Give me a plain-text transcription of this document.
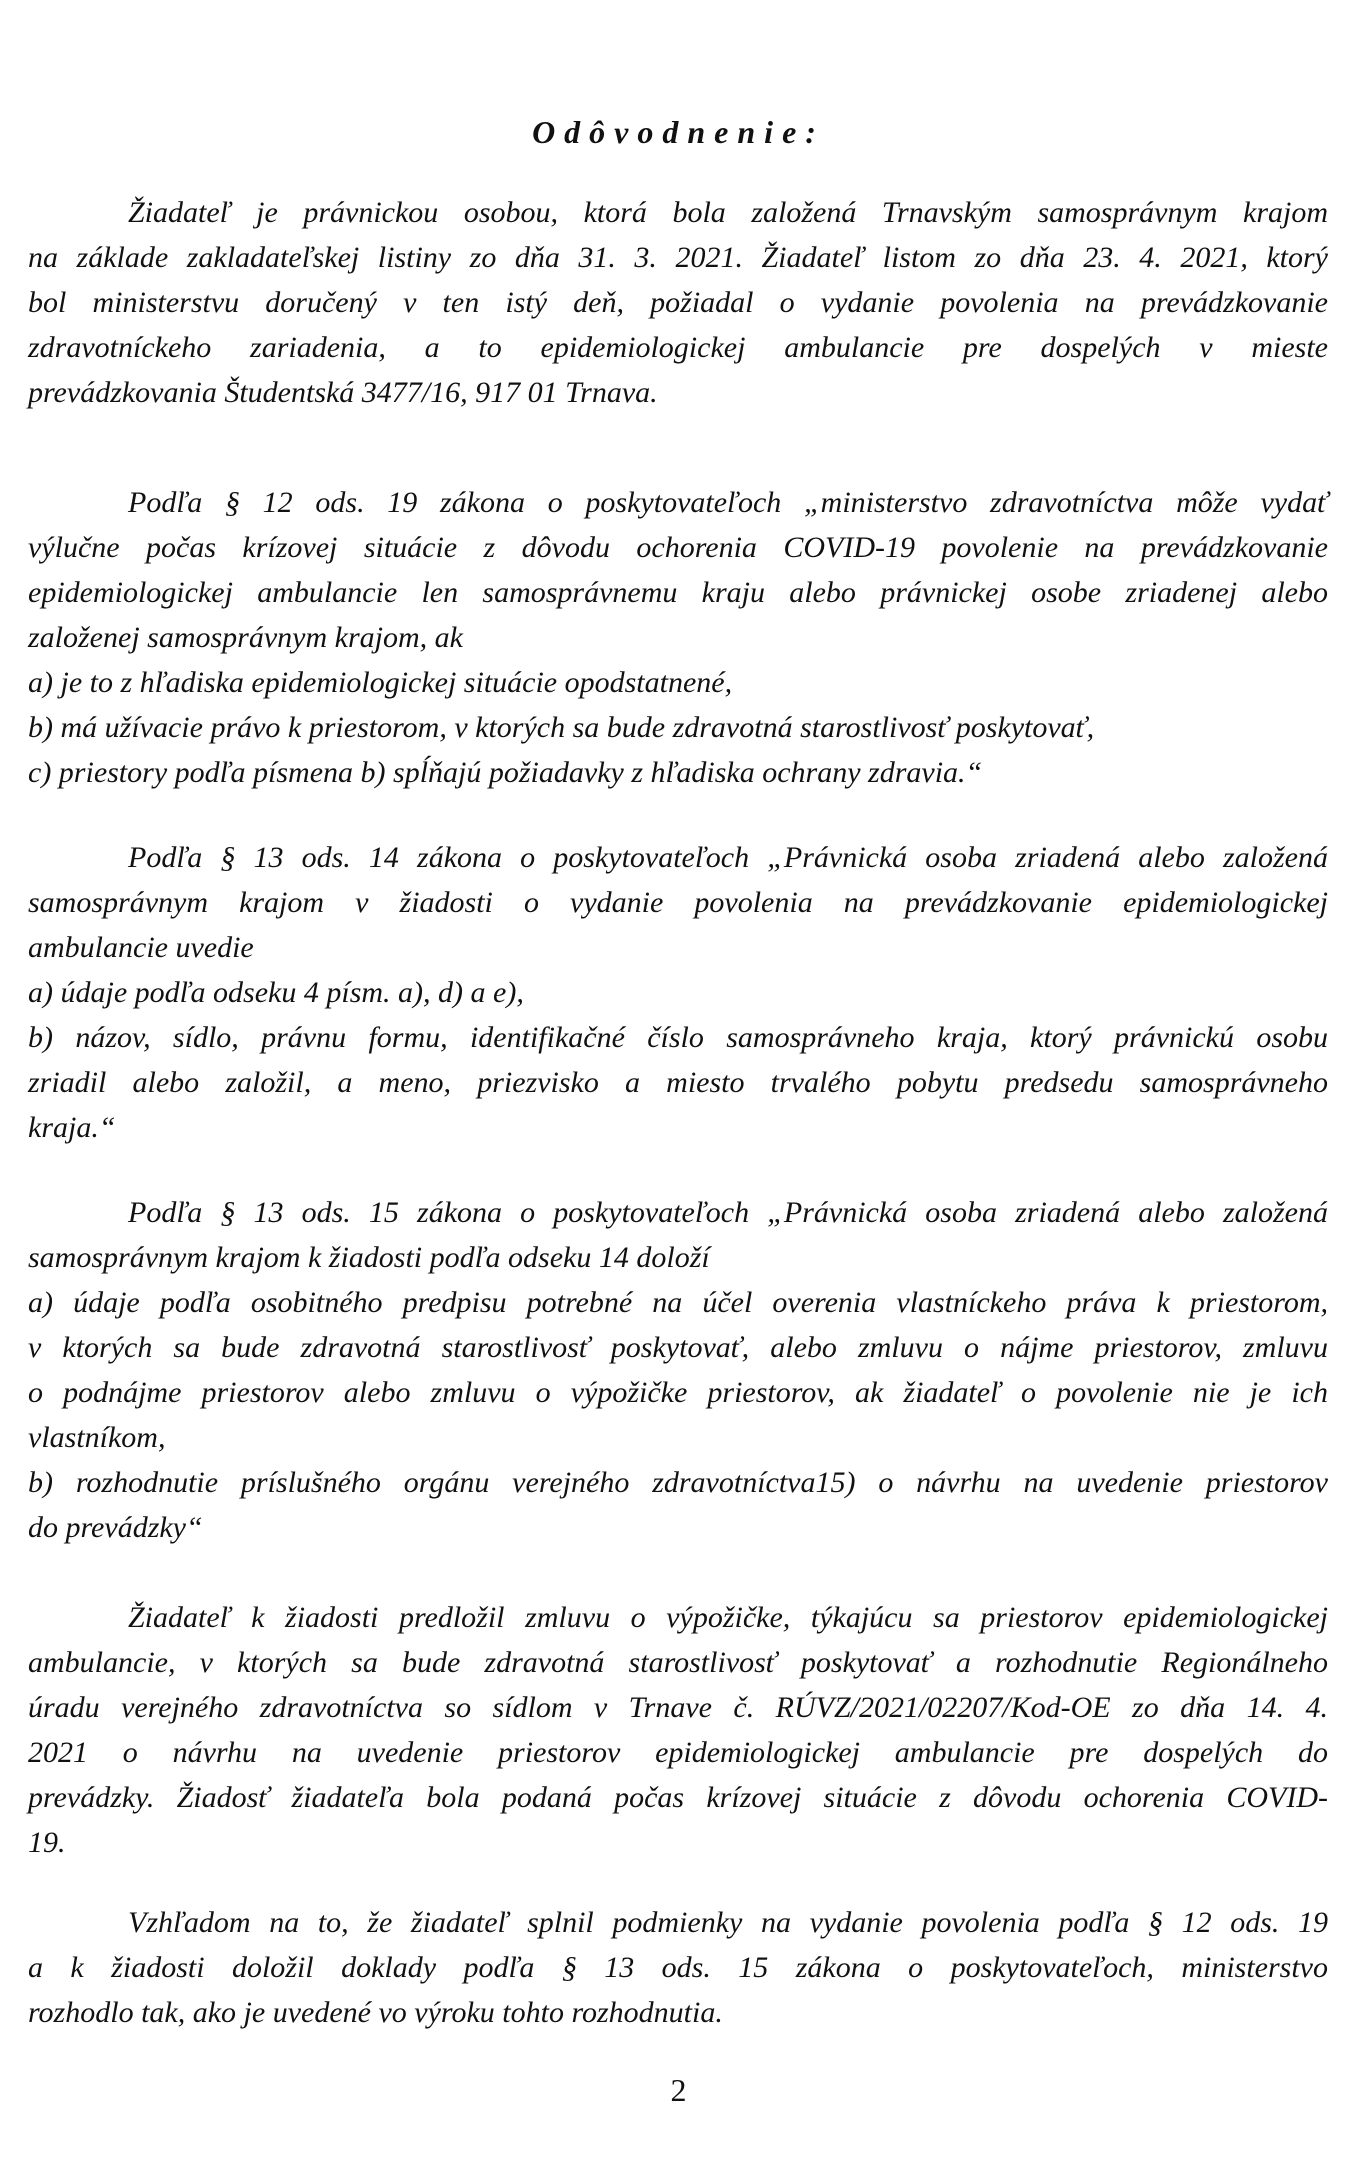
Odôvodnenie:
Žiadateľ je právnickou osobou, ktorá bola založená Trnavským samosprávnym krajom
na základe zakladateľskej listiny zo dňa 31. 3. 2021. Žiadateľ listom zo dňa 23. 4. 2021, ktorý
bol ministerstvu doručený v ten istý deň, požiadal o vydanie povolenia na prevádzkovanie
zdravotníckeho zariadenia, a to epidemiologickej ambulancie pre dospelých v mieste
prevádzkovania Študentská 3477/16, 917 01 Trnava.
Podľa § 12 ods. 19 zákona o poskytovateľoch „ministerstvo zdravotníctva môže vydať
výlučne počas krízovej situácie z dôvodu ochorenia COVID-19 povolenie na prevádzkovanie
epidemiologickej ambulancie len samosprávnemu kraju alebo právnickej osobe zriadenej alebo
založenej samosprávnym krajom, ak
a) je to z hľadiska epidemiologickej situácie opodstatnené,
b) má užívacie právo k priestorom, v ktorých sa bude zdravotná starostlivosť poskytovať,
c) priestory podľa písmena b) spĺňajú požiadavky z hľadiska ochrany zdravia.“
Podľa § 13 ods. 14 zákona o poskytovateľoch „Právnická osoba zriadená alebo založená
samosprávnym krajom v žiadosti o vydanie povolenia na prevádzkovanie epidemiologickej
ambulancie uvedie
a) údaje podľa odseku 4 písm. a), d) a e),
b) názov, sídlo, právnu formu, identifikačné číslo samosprávneho kraja, ktorý právnickú osobu
zriadil alebo založil, a meno, priezvisko a miesto trvalého pobytu predsedu samosprávneho
kraja.“
Podľa § 13 ods. 15 zákona o poskytovateľoch „Právnická osoba zriadená alebo založená
samosprávnym krajom k žiadosti podľa odseku 14 doloží
a) údaje podľa osobitného predpisu potrebné na účel overenia vlastníckeho práva k priestorom,
v ktorých sa bude zdravotná starostlivosť poskytovať, alebo zmluvu o nájme priestorov, zmluvu
o podnájme priestorov alebo zmluvu o výpožičke priestorov, ak žiadateľ o povolenie nie je ich
vlastníkom,
b) rozhodnutie príslušného orgánu verejného zdravotníctva15) o návrhu na uvedenie priestorov
do prevádzky“
Žiadateľ k žiadosti predložil zmluvu o výpožičke, týkajúcu sa priestorov epidemiologickej
ambulancie, v ktorých sa bude zdravotná starostlivosť poskytovať a rozhodnutie Regionálneho
úradu verejného zdravotníctva so sídlom v Trnave č. RÚVZ/2021/02207/Kod-OE zo dňa 14. 4.
2021 o návrhu na uvedenie priestorov epidemiologickej ambulancie pre dospelých do
prevádzky. Žiadosť žiadateľa bola podaná počas krízovej situácie z dôvodu ochorenia COVID-
19.
Vzhľadom na to, že žiadateľ splnil podmienky na vydanie povolenia podľa § 12 ods. 19
a k žiadosti doložil doklady podľa § 13 ods. 15 zákona o poskytovateľoch, ministerstvo
rozhodlo tak, ako je uvedené vo výroku tohto rozhodnutia.
2
